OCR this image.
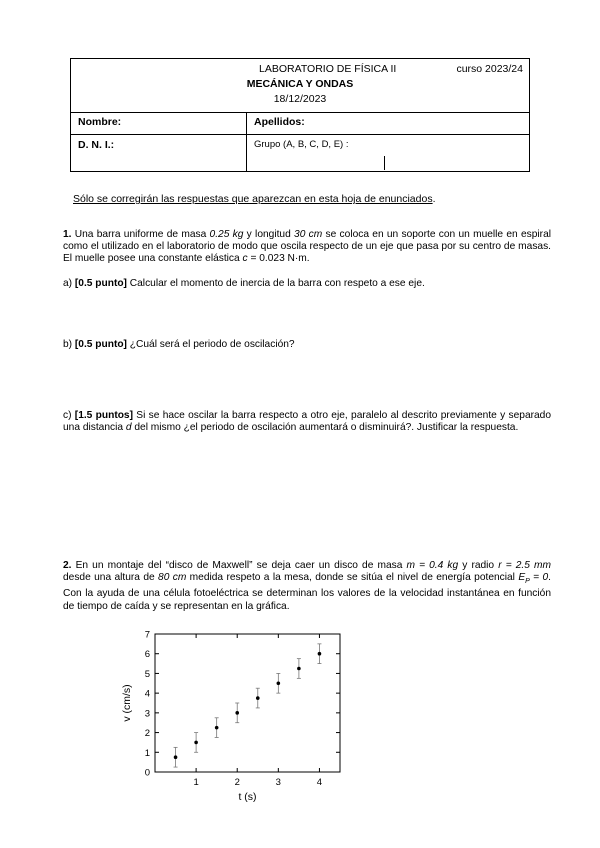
LABORATORIO DE FÍSICA II	curso 2023/24
MECÁNICA Y ONDAS
18/12/2023
Nombre:	Apellidos:
D. N. I.:	Grupo (A, B, C, D, E) :
Sólo se corregirán las respuestas que aparezcan en esta hoja de enunciados.
1. Una barra uniforme de masa 0.25 kg y longitud 30 cm se coloca en un soporte con un muelle en espiral como el utilizado en el laboratorio de modo que oscila respecto de un eje que pasa por su centro de masas. El muelle posee una constante elástica c = 0.023 N·m.
a) [0.5 punto] Calcular el momento de inercia de la barra con respeto a ese eje.
b) [0.5 punto] ¿Cuál será el periodo de oscilación?
c) [1.5 puntos] Si se hace oscilar la barra respecto a otro eje, paralelo al descrito previamente y separado una distancia d del mismo ¿el periodo de oscilación aumentará o disminuirá?. Justificar la respuesta.
2. En un montaje del “disco de Maxwell” se deja caer un disco de masa m = 0.4 kg y radio r = 2.5 mm desde una altura de 80 cm medida respeto a la mesa, donde se sitúa el nivel de energía potencial $E_P = 0$. Con la ayuda de una célula fotoeléctrica se determinan los valores de la velocidad instantánea en función de tiempo de caída y se representan en la gráfica.
0
1
2
3
4
5
6
7
1	2	3	4
t (s)
v (cm/s)
